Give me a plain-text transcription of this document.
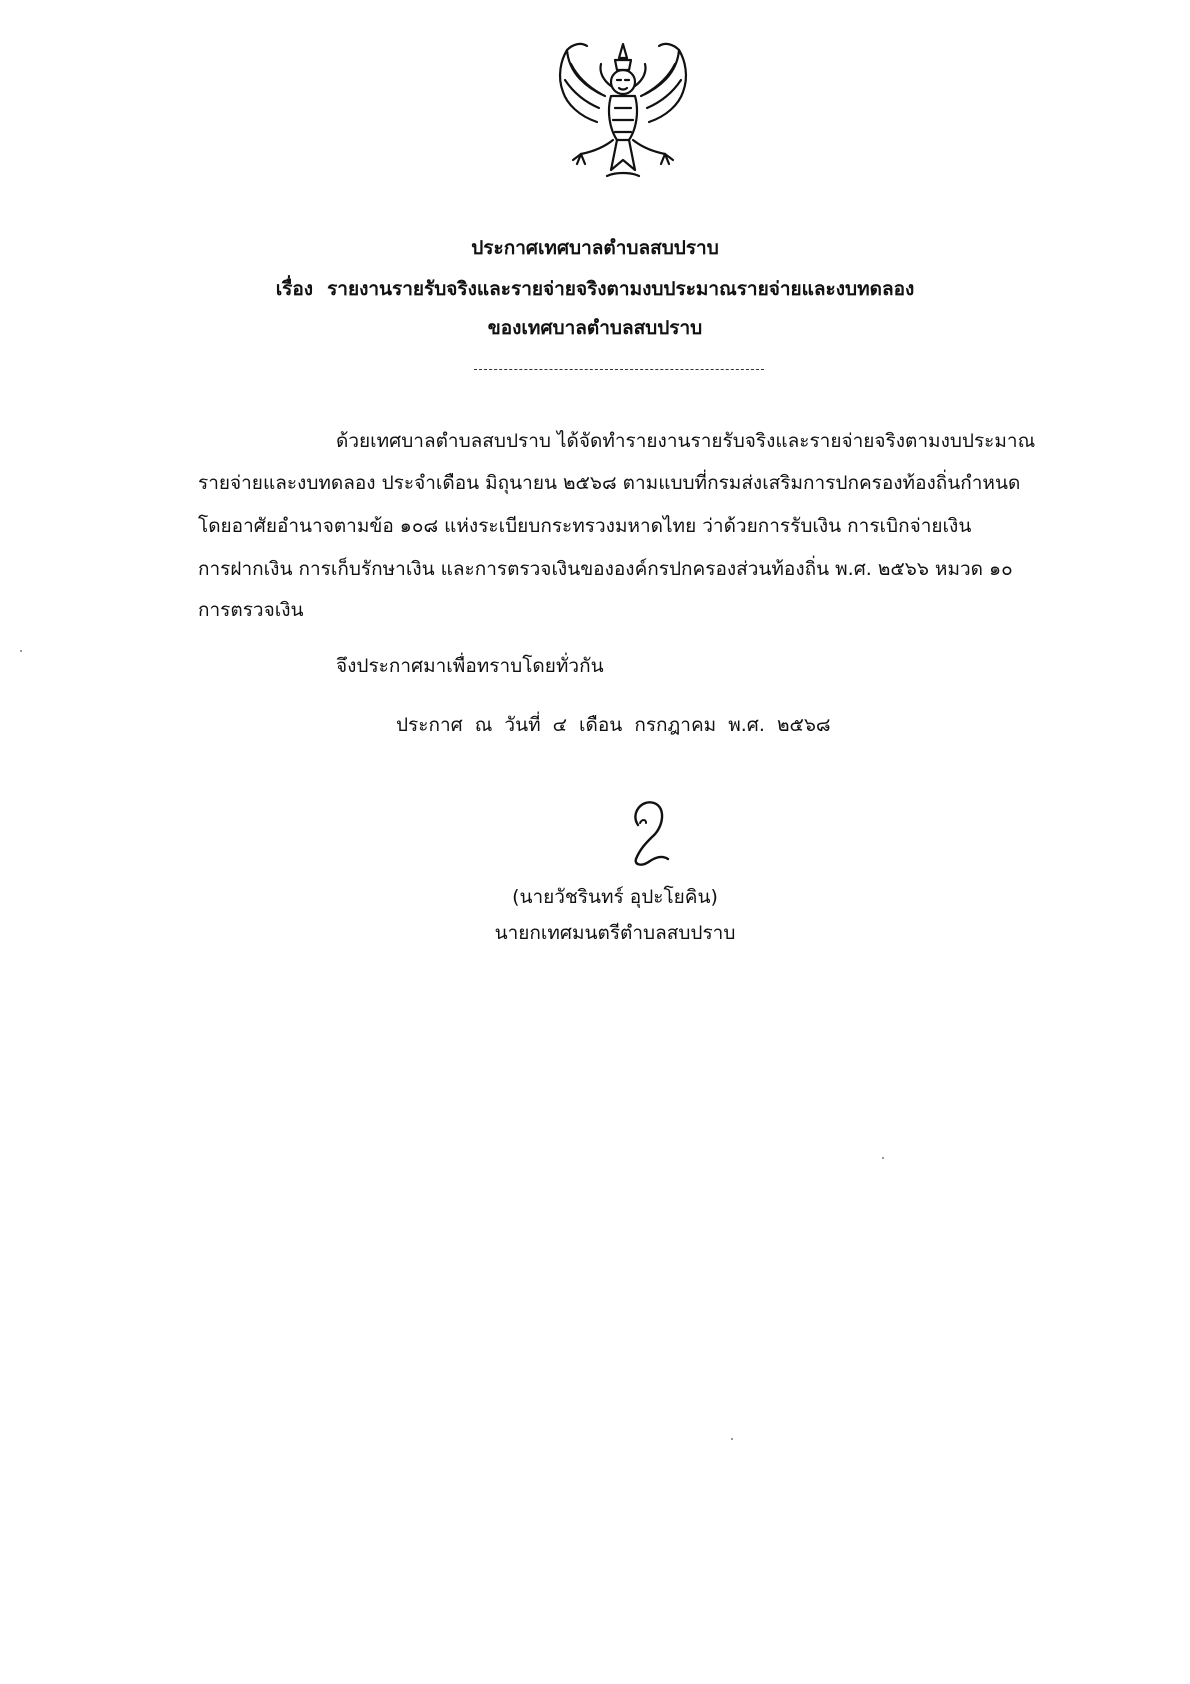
ประกาศเทศบาลตำบลสบปราบ
เรื่อง รายงานรายรับจริงและรายจ่ายจริงตามงบประมาณรายจ่ายและงบทดลอง
ของเทศบาลตำบลสบปราบ
ด้วยเทศบาลตำบลสบปราบ ได้จัดทำรายงานรายรับจริงและรายจ่ายจริงตามงบประมาณ
รายจ่ายและงบทดลอง ประจำเดือน มิถุนายน ๒๕๖๘ ตามแบบที่กรมส่งเสริมการปกครองท้องถิ่นกำหนด
โดยอาศัยอำนาจตามข้อ ๑๐๘ แห่งระเบียบกระทรวงมหาดไทย ว่าด้วยการรับเงิน การเบิกจ่ายเงิน
การฝากเงิน การเก็บรักษาเงิน และการตรวจเงินขององค์กรปกครองส่วนท้องถิ่น พ.ศ. ๒๕๖๖ หมวด ๑๐
การตรวจเงิน
จึงประกาศมาเพื่อทราบโดยทั่วกัน
ประกาศ ณ วันที่ ๔ เดือน กรกฎาคม พ.ศ. ๒๕๖๘
(นายวัชรินทร์ อุปะโยคิน)
นายกเทศมนตรีตำบลสบปราบ
